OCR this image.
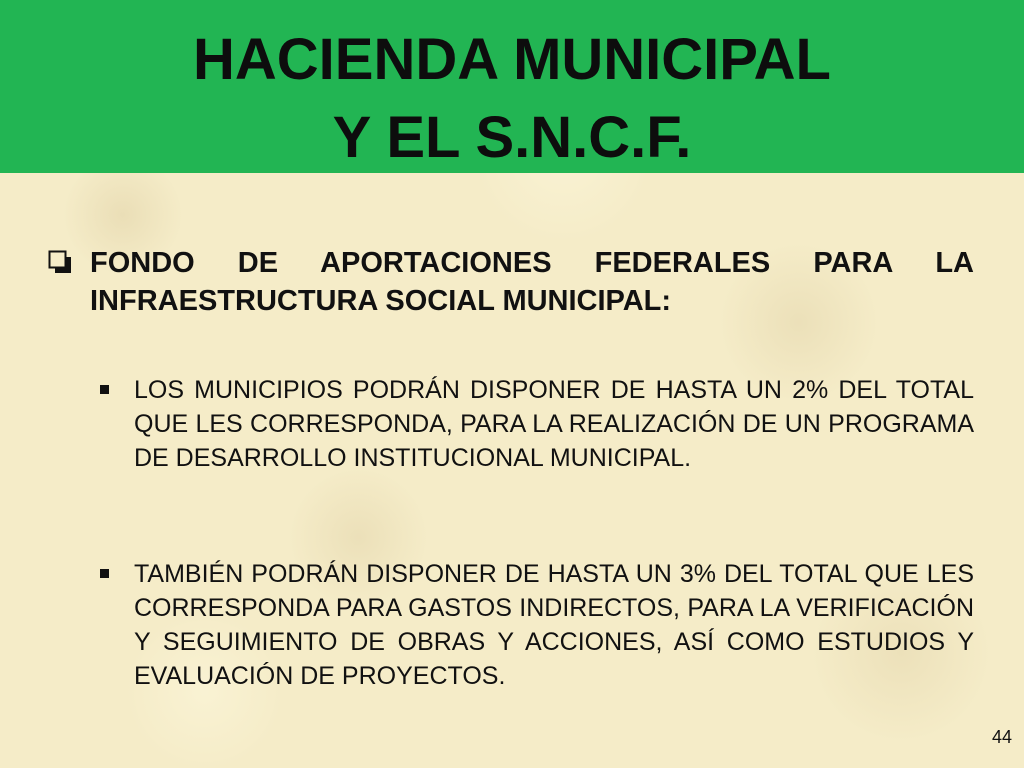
HACIENDA MUNICIPAL
Y EL S.N.C.F.
FONDO DE APORTACIONES FEDERALES PARA LA INFRAESTRUCTURA SOCIAL MUNICIPAL:
LOS MUNICIPIOS PODRÁN DISPONER DE HASTA UN 2% DEL TOTAL QUE LES CORRESPONDA, PARA LA REALIZACIÓN DE UN PROGRAMA DE DESARROLLO INSTITUCIONAL MUNICIPAL.
TAMBIÉN PODRÁN DISPONER DE HASTA UN 3% DEL TOTAL QUE LES CORRESPONDA PARA GASTOS INDIRECTOS, PARA LA VERIFICACIÓN Y SEGUIMIENTO DE OBRAS Y ACCIONES, ASÍ COMO ESTUDIOS Y EVALUACIÓN DE PROYECTOS.
44
